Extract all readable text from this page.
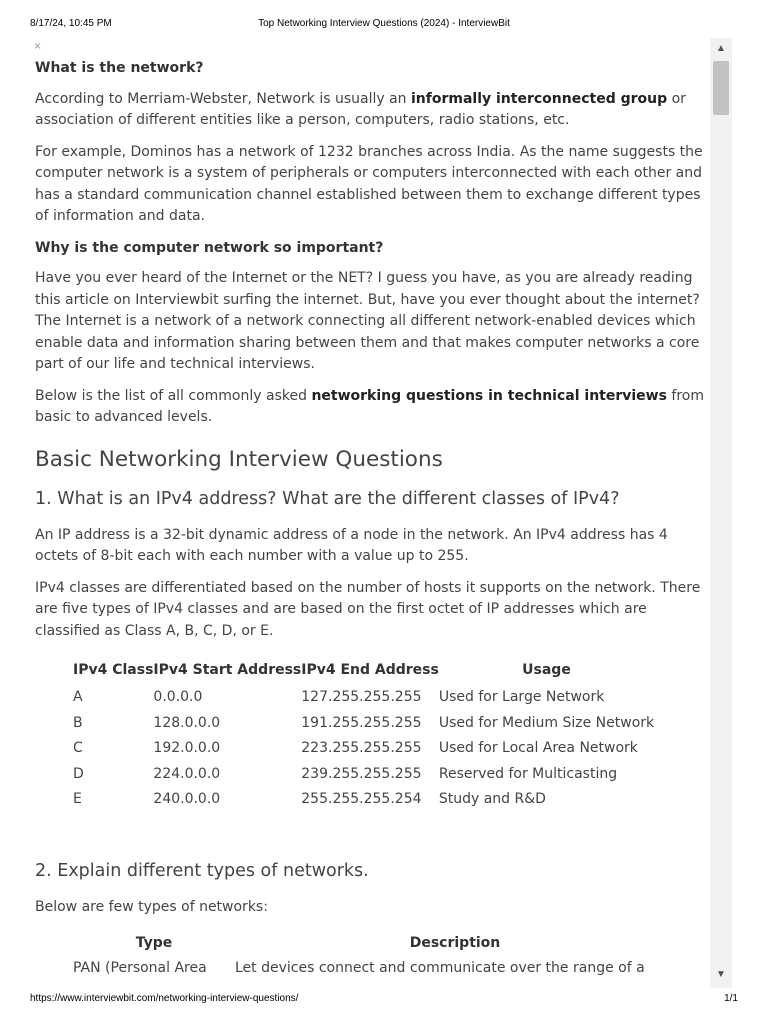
8/17/24, 10:45 PM	Top Networking Interview Questions (2024) - InterviewBit
×

What is the network?

According to Merriam-Webster, Network is usually an informally interconnected group or association of different entities like a person, computers, radio stations, etc.

For example, Dominos has a network of 1232 branches across India. As the name suggests the computer network is a system of peripherals or computers interconnected with each other and has a standard communication channel established between them to exchange different types of information and data.

Why is the computer network so important?

Have you ever heard of the Internet or the NET? I guess you have, as you are already reading this article on Interviewbit surfing the internet. But, have you ever thought about the internet? The Internet is a network of a network connecting all different network-enabled devices which enable data and information sharing between them and that makes computer networks a core part of our life and technical interviews.

Below is the list of all commonly asked networking questions in technical interviews from basic to advanced levels.

Basic Networking Interview Questions
1. What is an IPv4 address? What are the different classes of IPv4?

An IP address is a 32-bit dynamic address of a node in the network. An IPv4 address has 4 octets of 8-bit each with each number with a value up to 255.

IPv4 classes are differentiated based on the number of hosts it supports on the network. There are five types of IPv4 classes and are based on the first octet of IP addresses which are classified as Class A, B, C, D, or E.

IPv4 Class	IPv4 Start Address	IPv4 End Address	Usage
A	0.0.0.0	127.255.255.255	Used for Large Network
B	128.0.0.0	191.255.255.255	Used for Medium Size Network
C	192.0.0.0	223.255.255.255	Used for Local Area Network
D	224.0.0.0	239.255.255.255	Reserved for Multicasting
E	240.0.0.0	255.255.255.254	Study and R&D
2. Explain different types of networks.

Below are few types of networks:

Type	Description
PAN (Personal Area	Let devices connect and communicate over the range of a
▲
▼
https://www.interviewbit.com/networking-interview-questions/	1/1
